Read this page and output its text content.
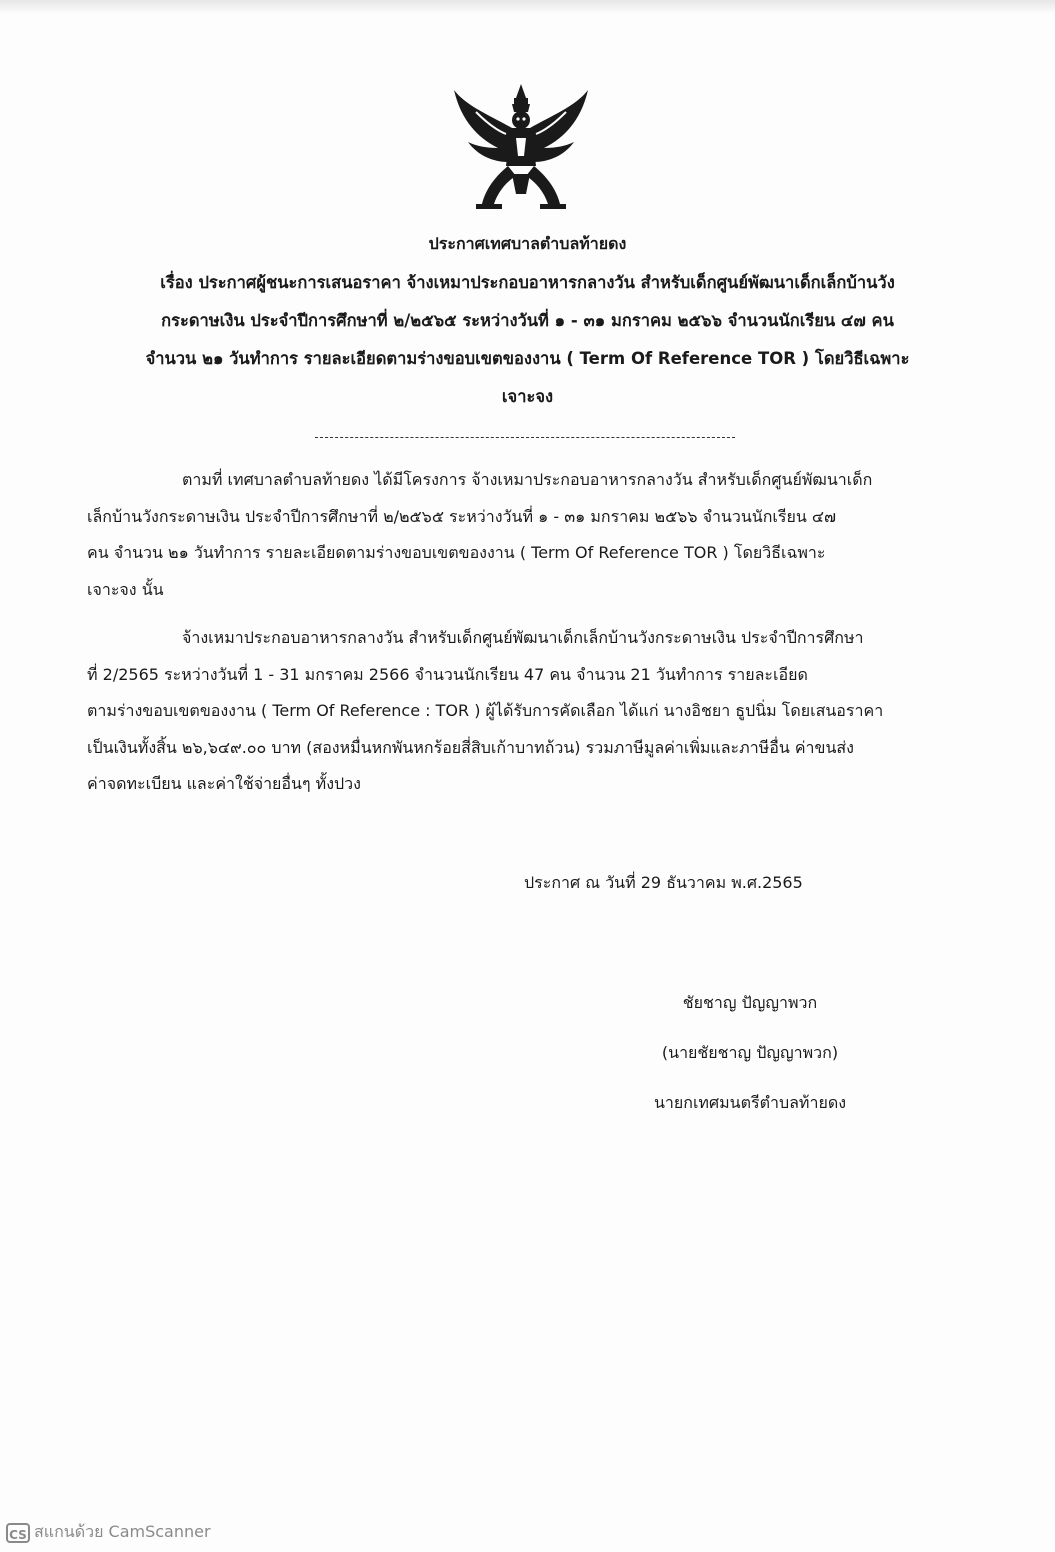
ประกาศเทศบาลตำบลท้ายดง
เรื่อง ประกาศผู้ชนะการเสนอราคา จ้างเหมาประกอบอาหารกลางวัน สำหรับเด็กศูนย์พัฒนาเด็กเล็กบ้านวัง
กระดาษเงิน ประจำปีการศึกษาที่ ๒/๒๕๖๕ ระหว่างวันที่ ๑ - ๓๑ มกราคม ๒๕๖๖ จำนวนนักเรียน ๔๗ คน
จำนวน ๒๑ วันทำการ รายละเอียดตามร่างขอบเขตของงาน ( Term Of Reference TOR ) โดยวิธีเฉพาะ
เจาะจง
ตามที่ เทศบาลตำบลท้ายดง ได้มีโครงการ จ้างเหมาประกอบอาหารกลางวัน สำหรับเด็กศูนย์พัฒนาเด็ก
เล็กบ้านวังกระดาษเงิน ประจำปีการศึกษาที่ ๒/๒๕๖๕ ระหว่างวันที่ ๑ - ๓๑ มกราคม ๒๕๖๖ จำนวนนักเรียน ๔๗
คน จำนวน ๒๑ วันทำการ รายละเอียดตามร่างขอบเขตของงาน ( Term Of Reference TOR ) โดยวิธีเฉพาะ
เจาะจง นั้น
จ้างเหมาประกอบอาหารกลางวัน สำหรับเด็กศูนย์พัฒนาเด็กเล็กบ้านวังกระดาษเงิน ประจำปีการศึกษา
ที่ 2/2565 ระหว่างวันที่ 1 - 31 มกราคม 2566 จำนวนนักเรียน 47 คน จำนวน 21 วันทำการ รายละเอียด
ตามร่างขอบเขตของงาน ( Term Of Reference : TOR ) ผู้ได้รับการคัดเลือก ได้แก่ นางอิชยา ธูปนิ่ม โดยเสนอราคา
เป็นเงินทั้งสิ้น ๒๖,๖๔๙.๐๐ บาท (สองหมื่นหกพันหกร้อยสี่สิบเก้าบาทถ้วน) รวมภาษีมูลค่าเพิ่มและภาษีอื่น ค่าขนส่ง
ค่าจดทะเบียน และค่าใช้จ่ายอื่นๆ ทั้งปวง
ประกาศ ณ วันที่ 29 ธันวาคม พ.ศ.2565
ชัยชาญ ปัญญาพวก
(นายชัยชาญ ปัญญาพวก)
นายกเทศมนตรีตำบลท้ายดง
CS สแกนด้วย CamScanner
